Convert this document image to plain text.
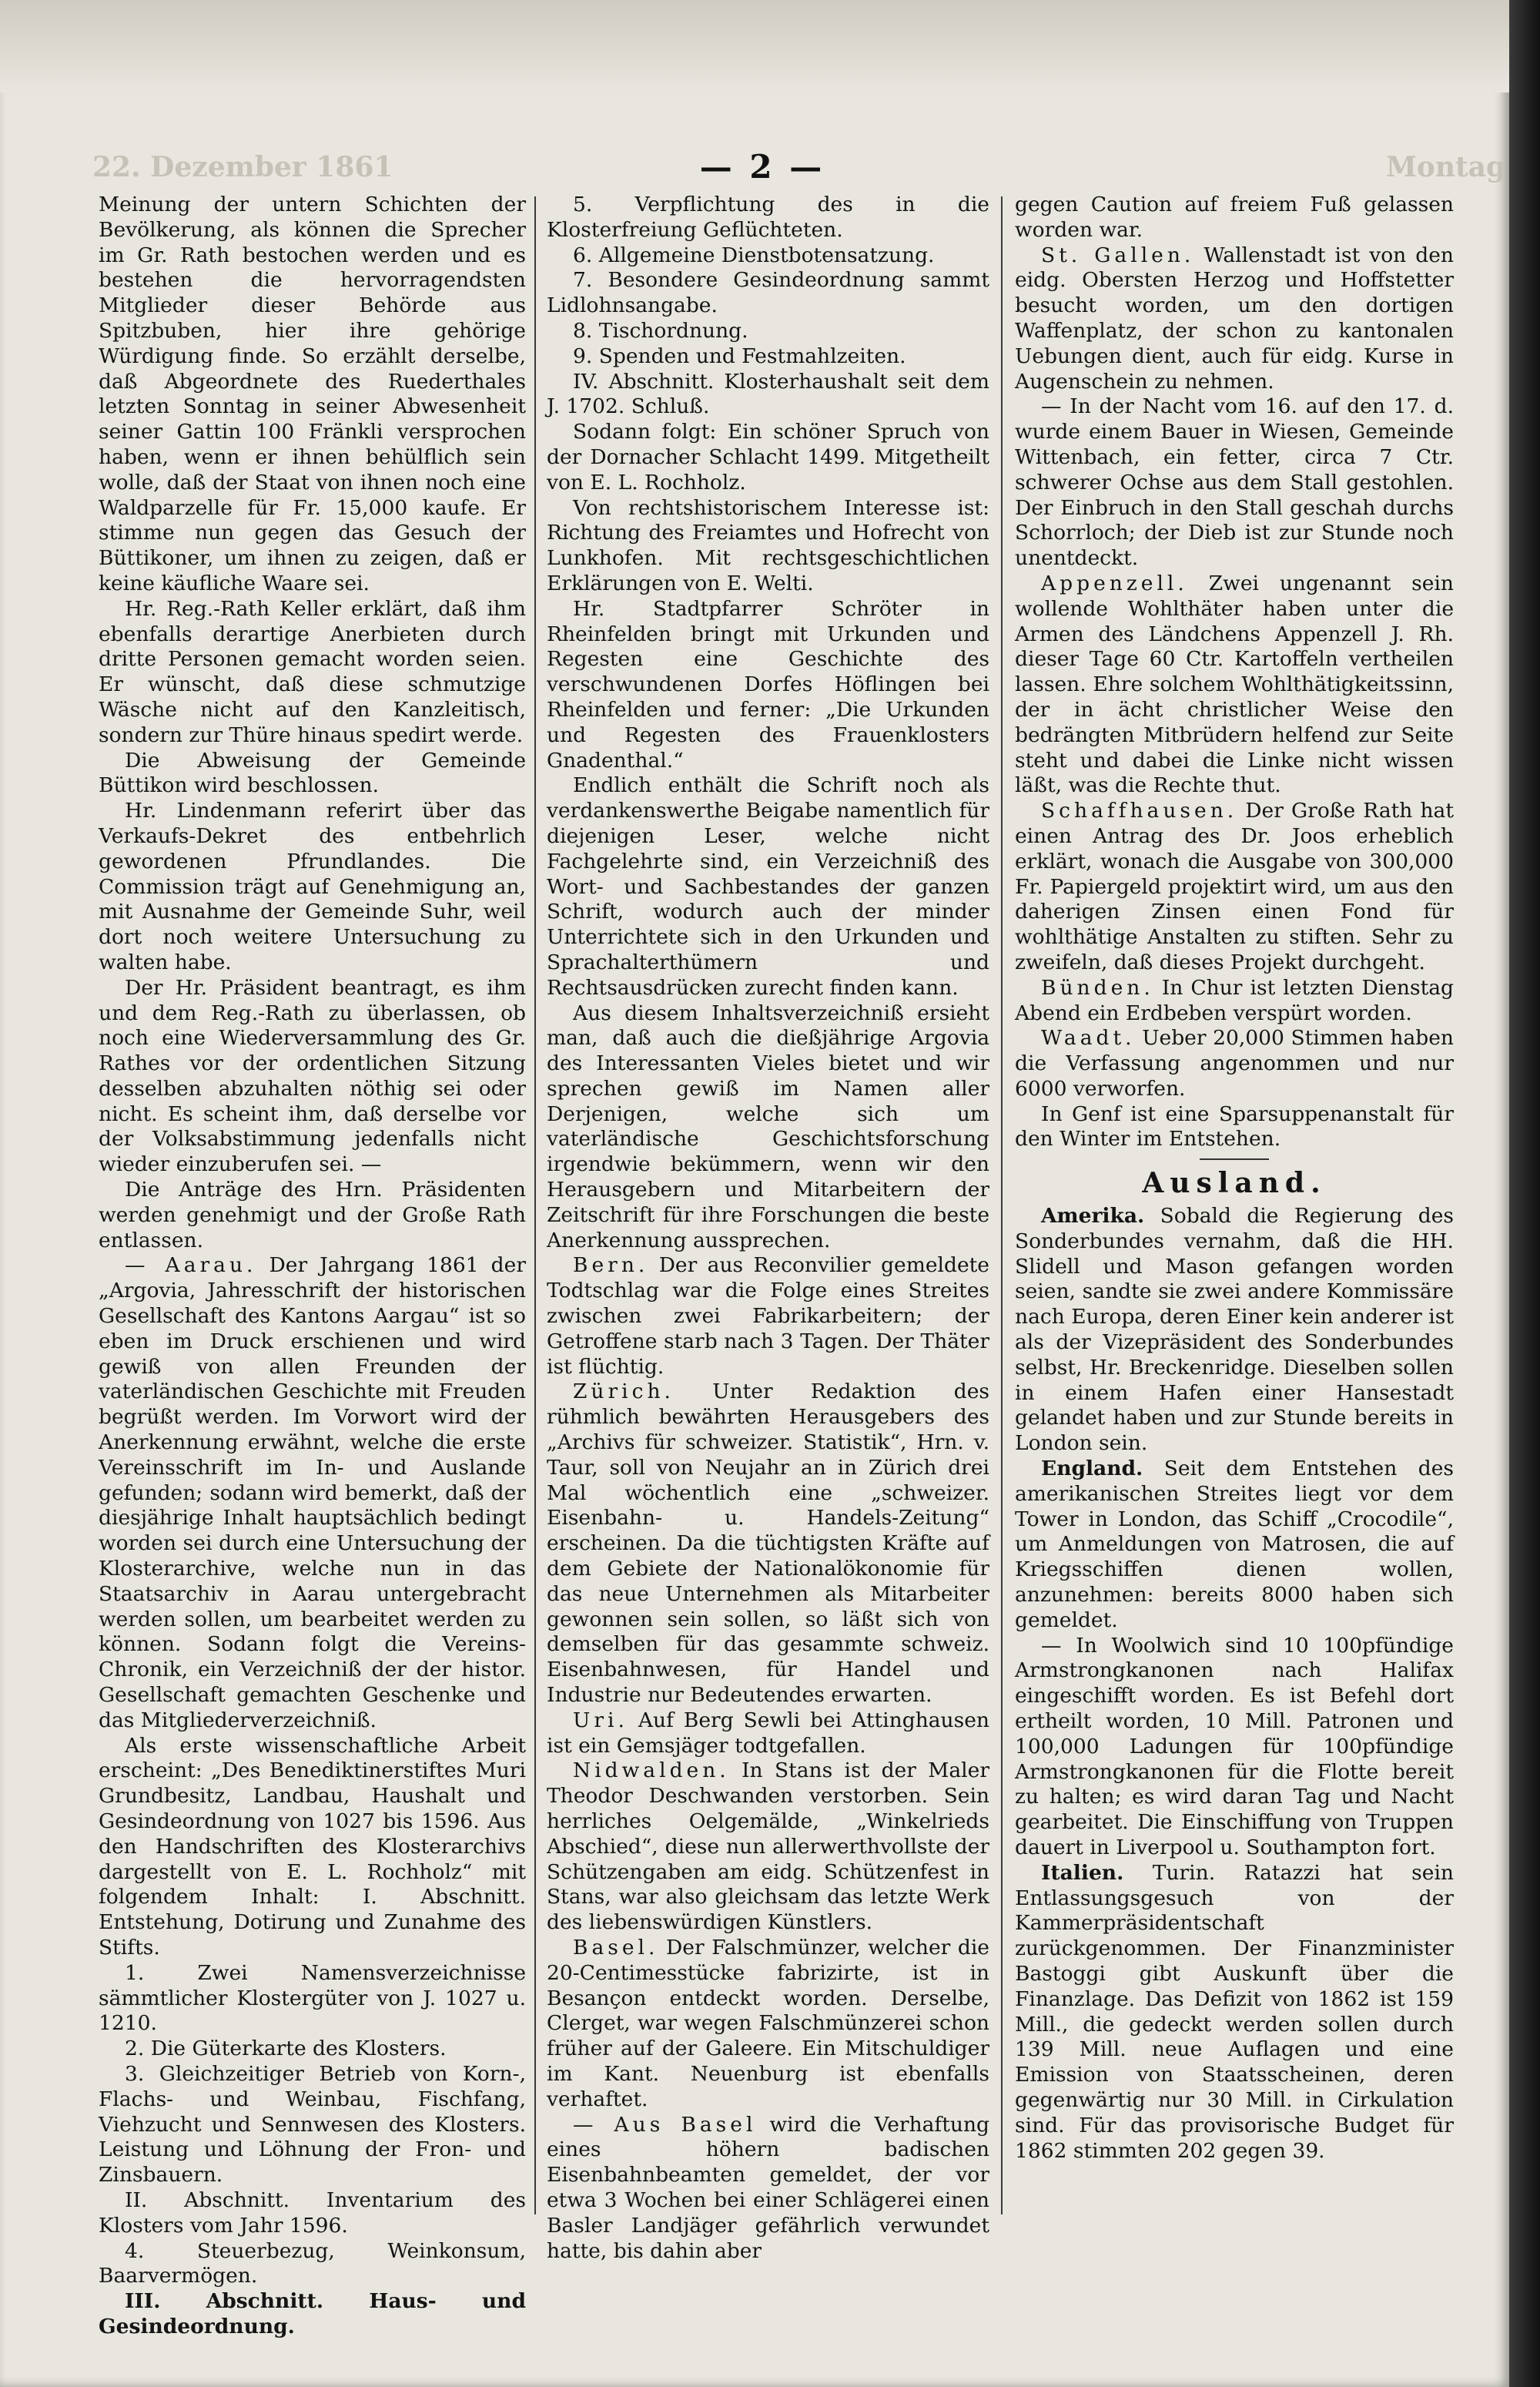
22. Dezember 1861	Montag
— 2 —

Meinung der untern Schichten der Bevölkerung, als können die Sprecher im Gr. Rath bestochen werden und es bestehen die hervorragendsten Mitglieder dieser Behörde aus Spitzbuben, hier ihre gehörige Würdigung finde. So erzählt derselbe, daß Abgeordnete des Ruederthales letzten Sonntag in seiner Abwesenheit seiner Gattin 100 Fränkli versprochen haben, wenn er ihnen behülflich sein wolle, daß der Staat von ihnen noch eine Waldparzelle für Fr. 15,000 kaufe. Er stimme nun gegen das Gesuch der Büttikoner, um ihnen zu zeigen, daß er keine käufliche Waare sei.

Hr. Reg.-Rath Keller erklärt, daß ihm ebenfalls derartige Anerbieten durch dritte Personen gemacht worden seien. Er wünscht, daß diese schmutzige Wäsche nicht auf den Kanzleitisch, sondern zur Thüre hinaus spedirt werde.

Die Abweisung der Gemeinde Büttikon wird beschlossen.

Hr. Lindenmann referirt über das Verkaufs-Dekret des entbehrlich gewordenen Pfrundlandes. Die Commission trägt auf Genehmigung an, mit Ausnahme der Gemeinde Suhr, weil dort noch weitere Untersuchung zu walten habe.

Der Hr. Präsident beantragt, es ihm und dem Reg.-Rath zu überlassen, ob noch eine Wiederversammlung des Gr. Rathes vor der ordentlichen Sitzung desselben abzuhalten nöthig sei oder nicht. Es scheint ihm, daß derselbe vor der Volksabstimmung jedenfalls nicht wieder einzuberufen sei. —

Die Anträge des Hrn. Präsidenten werden genehmigt und der Große Rath entlassen.

— Aarau. Der Jahrgang 1861 der „Argovia, Jahresschrift der historischen Gesellschaft des Kantons Aargau“ ist so eben im Druck erschienen und wird gewiß von allen Freunden der vaterländischen Geschichte mit Freuden begrüßt werden. Im Vorwort wird der Anerkennung erwähnt, welche die erste Vereinsschrift im In- und Auslande gefunden; sodann wird bemerkt, daß der diesjährige Inhalt hauptsächlich bedingt worden sei durch eine Untersuchung der Klosterarchive, welche nun in das Staatsarchiv in Aarau untergebracht werden sollen, um bearbeitet werden zu können. Sodann folgt die Vereins-Chronik, ein Verzeichniß der der histor. Gesellschaft gemachten Geschenke und das Mitgliederverzeichniß.

Als erste wissenschaftliche Arbeit erscheint: „Des Benediktinerstiftes Muri Grundbesitz, Landbau, Haushalt und Gesindeordnung von 1027 bis 1596. Aus den Handschriften des Klosterarchivs dargestellt von E. L. Rochholz“ mit folgendem Inhalt: I. Abschnitt. Entstehung, Dotirung und Zunahme des Stifts.

1. Zwei Namensverzeichnisse sämmtlicher Klostergüter von J. 1027 u. 1210.

2. Die Güterkarte des Klosters.

3. Gleichzeitiger Betrieb von Korn-, Flachs- und Weinbau, Fischfang, Viehzucht und Sennwesen des Klosters. Leistung und Löhnung der Fron- und Zinsbauern.

II. Abschnitt. Inventarium des Klosters vom Jahr 1596.

4. Steuerbezug, Weinkonsum, Baarvermögen.

III. Abschnitt. Haus- und Gesindeordnung.

5. Verpflichtung des in die Klosterfreiung Geflüchteten.

6. Allgemeine Dienstbotensatzung.

7. Besondere Gesindeordnung sammt Lidlohnsangabe.

8. Tischordnung.

9. Spenden und Festmahlzeiten.

IV. Abschnitt. Klosterhaushalt seit dem J. 1702. Schluß.

Sodann folgt: Ein schöner Spruch von der Dornacher Schlacht 1499. Mitgetheilt von E. L. Rochholz.

Von rechtshistorischem Interesse ist: Richtung des Freiamtes und Hofrecht von Lunkhofen. Mit rechtsgeschichtlichen Erklärungen von E. Welti.

Hr. Stadtpfarrer Schröter in Rheinfelden bringt mit Urkunden und Regesten eine Geschichte des verschwundenen Dorfes Höflingen bei Rheinfelden und ferner: „Die Urkunden und Regesten des Frauenklosters Gnadenthal.“

Endlich enthält die Schrift noch als verdankenswerthe Beigabe namentlich für diejenigen Leser, welche nicht Fachgelehrte sind, ein Verzeichniß des Wort- und Sachbestandes der ganzen Schrift, wodurch auch der minder Unterrichtete sich in den Urkunden und Sprachalterthümern und Rechtsausdrücken zurecht finden kann.

Aus diesem Inhaltsverzeichniß ersieht man, daß auch die dießjährige Argovia des Interessanten Vieles bietet und wir sprechen gewiß im Namen aller Derjenigen, welche sich um vaterländische Geschichtsforschung irgendwie bekümmern, wenn wir den Herausgebern und Mitarbeitern der Zeitschrift für ihre Forschungen die beste Anerkennung aussprechen.

Bern. Der aus Reconvilier gemeldete Todtschlag war die Folge eines Streites zwischen zwei Fabrikarbeitern; der Getroffene starb nach 3 Tagen. Der Thäter ist flüchtig.

Zürich. Unter Redaktion des rühmlich bewährten Herausgebers des „Archivs für schweizer. Statistik“, Hrn. v. Taur, soll von Neujahr an in Zürich drei Mal wöchentlich eine „schweizer. Eisenbahn- u. Handels-Zeitung“ erscheinen. Da die tüchtigsten Kräfte auf dem Gebiete der Nationalökonomie für das neue Unternehmen als Mitarbeiter gewonnen sein sollen, so läßt sich von demselben für das gesammte schweiz. Eisenbahnwesen, für Handel und Industrie nur Bedeutendes erwarten.

Uri. Auf Berg Sewli bei Attinghausen ist ein Gemsjäger todtgefallen.

Nidwalden. In Stans ist der Maler Theodor Deschwanden verstorben. Sein herrliches Oelgemälde, „Winkelrieds Abschied“, diese nun allerwerthvollste der Schützengaben am eidg. Schützenfest in Stans, war also gleichsam das letzte Werk des liebenswürdigen Künstlers.

Basel. Der Falschmünzer, welcher die 20-Centimesstücke fabrizirte, ist in Besançon entdeckt worden. Derselbe, Clerget, war wegen Falschmünzerei schon früher auf der Galeere. Ein Mitschuldiger im Kant. Neuenburg ist ebenfalls verhaftet.

— Aus Basel wird die Verhaftung eines höhern badischen Eisenbahnbeamten gemeldet, der vor etwa 3 Wochen bei einer Schlägerei einen Basler Landjäger gefährlich verwundet hatte, bis dahin aber

gegen Caution auf freiem Fuß gelassen worden war.

St. Gallen. Wallenstadt ist von den eidg. Obersten Herzog und Hoffstetter besucht worden, um den dortigen Waffenplatz, der schon zu kantonalen Uebungen dient, auch für eidg. Kurse in Augenschein zu nehmen.

— In der Nacht vom 16. auf den 17. d. wurde einem Bauer in Wiesen, Gemeinde Wittenbach, ein fetter, circa 7 Ctr. schwerer Ochse aus dem Stall gestohlen. Der Einbruch in den Stall geschah durchs Schorrloch; der Dieb ist zur Stunde noch unentdeckt.

Appenzell. Zwei ungenannt sein wollende Wohlthäter haben unter die Armen des Ländchens Appenzell J. Rh. dieser Tage 60 Ctr. Kartoffeln vertheilen lassen. Ehre solchem Wohlthätigkeitssinn, der in ächt christlicher Weise den bedrängten Mitbrüdern helfend zur Seite steht und dabei die Linke nicht wissen läßt, was die Rechte thut.

Schaffhausen. Der Große Rath hat einen Antrag des Dr. Joos erheblich erklärt, wonach die Ausgabe von 300,000 Fr. Papiergeld projektirt wird, um aus den daherigen Zinsen einen Fond für wohlthätige Anstalten zu stiften. Sehr zu zweifeln, daß dieses Projekt durchgeht.

Bünden. In Chur ist letzten Dienstag Abend ein Erdbeben verspürt worden.

Waadt. Ueber 20,000 Stimmen haben die Verfassung angenommen und nur 6000 verworfen.

In Genf ist eine Sparsuppenanstalt für den Winter im Entstehen.

Ausland.

Amerika. Sobald die Regierung des Sonderbundes vernahm, daß die HH. Slidell und Mason gefangen worden seien, sandte sie zwei andere Kommissäre nach Europa, deren Einer kein anderer ist als der Vizepräsident des Sonderbundes selbst, Hr. Breckenridge. Dieselben sollen in einem Hafen einer Hansestadt gelandet haben und zur Stunde bereits in London sein.

England. Seit dem Entstehen des amerikanischen Streites liegt vor dem Tower in London, das Schiff „Crocodile“, um Anmeldungen von Matrosen, die auf Kriegsschiffen dienen wollen, anzunehmen: bereits 8000 haben sich gemeldet.

— In Woolwich sind 10 100pfündige Armstrongkanonen nach Halifax eingeschifft worden. Es ist Befehl dort ertheilt worden, 10 Mill. Patronen und 100,000 Ladungen für 100pfündige Armstrongkanonen für die Flotte bereit zu halten; es wird daran Tag und Nacht gearbeitet. Die Einschiffung von Truppen dauert in Liverpool u. Southampton fort.

Italien. Turin. Ratazzi hat sein Entlassungsgesuch von der Kammerpräsidentschaft zurückgenommen. Der Finanzminister Bastoggi gibt Auskunft über die Finanzlage. Das Defizit von 1862 ist 159 Mill., die gedeckt werden sollen durch 139 Mill. neue Auflagen und eine Emission von Staatsscheinen, deren gegenwärtig nur 30 Mill. in Cirkulation sind. Für das provisorische Budget für 1862 stimmten 202 gegen 39.
